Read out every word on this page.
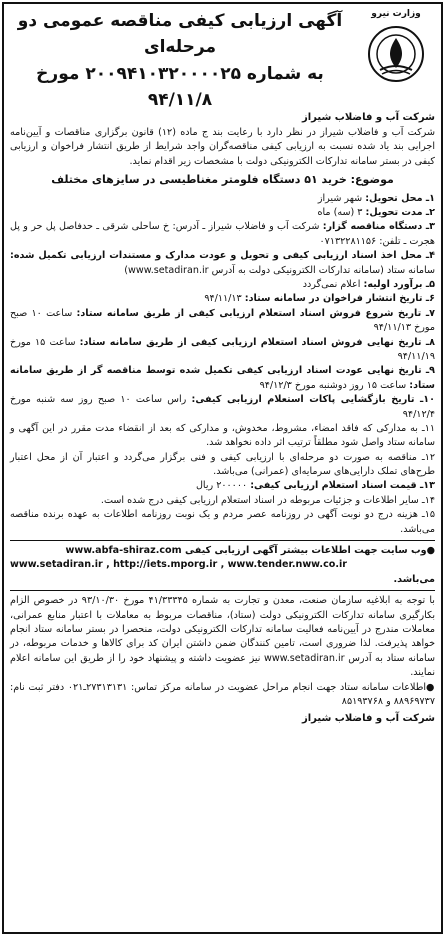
وزارت نیرو
آگهی ارزیابی کیفی مناقصه عمومی دو مرحله‌ای
به شماره ۲۰۰۹۴۱۰۳۲۰۰۰۰۲۵ مورخ ۹۴/۱۱/۸
شرکت آب و فاضلاب شیراز

شرکت آب و فاضلاب شیراز در نظر دارد با رعایت بند ج ماده (۱۲) قانون برگزاری مناقصات و آیین‌نامه اجرایی بند یاد شده نسبت به ارزیابی کیفی مناقصه‌گران واجد شرایط از طریق انتشار فراخوان و ارزیابی کیفی در بستر سامانه تدارکات الکترونیکی دولت با مشخصات زیر اقدام نماید.

موضوع: خرید ۵۱ دستگاه فلومتر مغناطیسی در سایزهای مختلف

۱ـ محل تحویل: شهر شیراز

۲ـ مدت تحویل: ۳ (سه) ماه

۳ـ دستگاه مناقصه گزار: شرکت آب و فاضلاب شیراز ـ آدرس: خ ساحلی شرقی ـ حدفاصل پل حر و پل هجرت ـ تلفن: ۰۷۱۳۲۲۸۱۱۵۶

۴ـ محل اخذ اسناد ارزیابی کیفی و تحویل و عودت مدارک و مستندات ارزیابی تکمیل شده: سامانه ستاد (سامانه تدارکات الکترونیکی دولت به آدرس www.setadiran.ir)

۵ـ برآورد اولیه: اعلام نمی‌گردد

۶ـ تاریخ انتشار فراخوان در سامانه ستاد: ۹۴/۱۱/۱۳

۷ـ تاریخ شروع فروش اسناد استعلام ارزیابی کیفی از طریق سامانه ستاد: ساعت ۱۰ صبح مورخ ۹۴/۱۱/۱۳

۸ـ تاریخ نهایی فروش اسناد استعلام ارزیابی کیفی از طریق سامانه ستاد: ساعت ۱۵ مورخ ۹۴/۱۱/۱۹

۹ـ تاریخ نهایی عودت اسناد ارزیابی کیفی تکمیل شده توسط مناقصه گر از طریق سامانه ستاد: ساعت ۱۵ روز دوشنبه مورخ ۹۴/۱۲/۳

۱۰ـ تاریخ بازگشایی پاکات استعلام ارزیابی کیفی: راس ساعت ۱۰ صبح روز سه شنبه مورخ ۹۴/۱۲/۴

۱۱ـ به مدارکی که فاقد امضاء، مشروط، مخدوش، و مدارکی که بعد از انقضاء مدت مقرر در این آگهی و سامانه ستاد واصل شود مطلقاً ترتیب اثر داده نخواهد شد.

۱۲ـ مناقصه به صورت دو مرحله‌ای با ارزیابی کیفی و فنی برگزار می‌گردد و اعتبار آن از محل اعتبار طرح‌های تملک دارایی‌های سرمایه‌ای (عمرانی) می‌باشد.

۱۳ـ قیمت اسناد استعلام ارزیابی کیفی: ۲۰۰۰۰۰ ریال

۱۴ـ سایر اطلاعات و جزئیات مربوطه در اسناد استعلام ارزیابی کیفی درج شده است.

۱۵ـ هزینه درج دو نوبت آگهی در روزنامه عصر مردم و یک نوبت روزنامه اطلاعات به عهده برنده مناقصه می‌باشد.

●وب سایت جهت اطلاعات بیشتر آگهی ارزیابی کیفی www.abfa-shiraz.com
www.setadiran.ir , http://iets.mporg.ir , www.tender.nww.co.ir
می‌باشد.

با توجه به ابلاغیه سازمان صنعت، معدن و تجارت به شماره ۴۱/۳۳۳۴۵ مورخ ۹۳/۱۰/۳۰ در خصوص الزام بکارگیری سامانه تدارکات الکترونیکی دولت (ستاد)، مناقصات مربوط به معاملات با اعتبار منابع عمرانی، معاملات مندرج در آیین‌نامه فعالیت سامانه تدارکات الکترونیکی دولت، منحصرا در بستر سامانه ستاد انجام خواهد پذیرفت. لذا ضروری است، تامین کنندگان ضمن داشتن ایران کد برای کالاها و خدمات مربوطه، در سامانه ستاد به آدرس www.setadiran.ir نیز عضویت داشته و پیشنهاد خود را از طریق این سامانه اعلام نمایند.

●اطلاعات سامانه ستاد جهت انجام مراحل عضویت در سامانه مرکز تماس: ۲۷۳۱۳۱۳۱ـ۰۲۱ دفتر ثبت نام: ۸۸۹۶۹۷۳۷ و ۸۵۱۹۳۷۶۸

شرکت آب و فاضلاب شیراز
